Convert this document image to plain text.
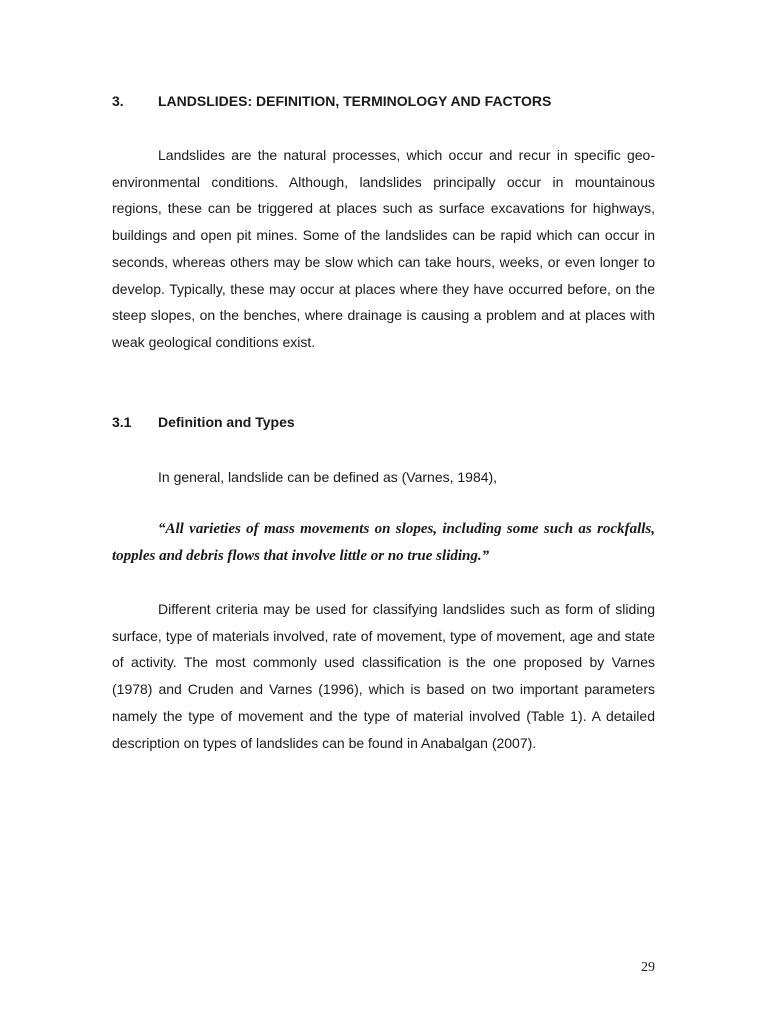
3. LANDSLIDES: DEFINITION, TERMINOLOGY AND FACTORS

Landslides are the natural processes, which occur and recur in specific geo-environmental conditions. Although, landslides principally occur in mountainous regions, these can be triggered at places such as surface excavations for highways, buildings and open pit mines. Some of the landslides can be rapid which can occur in seconds, whereas others may be slow which can take hours, weeks, or even longer to develop. Typically, these may occur at places where they have occurred before, on the steep slopes, on the benches, where drainage is causing a problem and at places with weak geological conditions exist.

3.1 Definition and Types
In general, landslide can be defined as (Varnes, 1984),

“All varieties of mass movements on slopes, including some such as rockfalls, topples and debris flows that involve little or no true sliding.”

Different criteria may be used for classifying landslides such as form of sliding surface, type of materials involved, rate of movement, type of movement, age and state of activity. The most commonly used classification is the one proposed by Varnes (1978) and Cruden and Varnes (1996), which is based on two important parameters namely the type of movement and the type of material involved (Table 1). A detailed description on types of landslides can be found in Anabalgan (2007).

29
